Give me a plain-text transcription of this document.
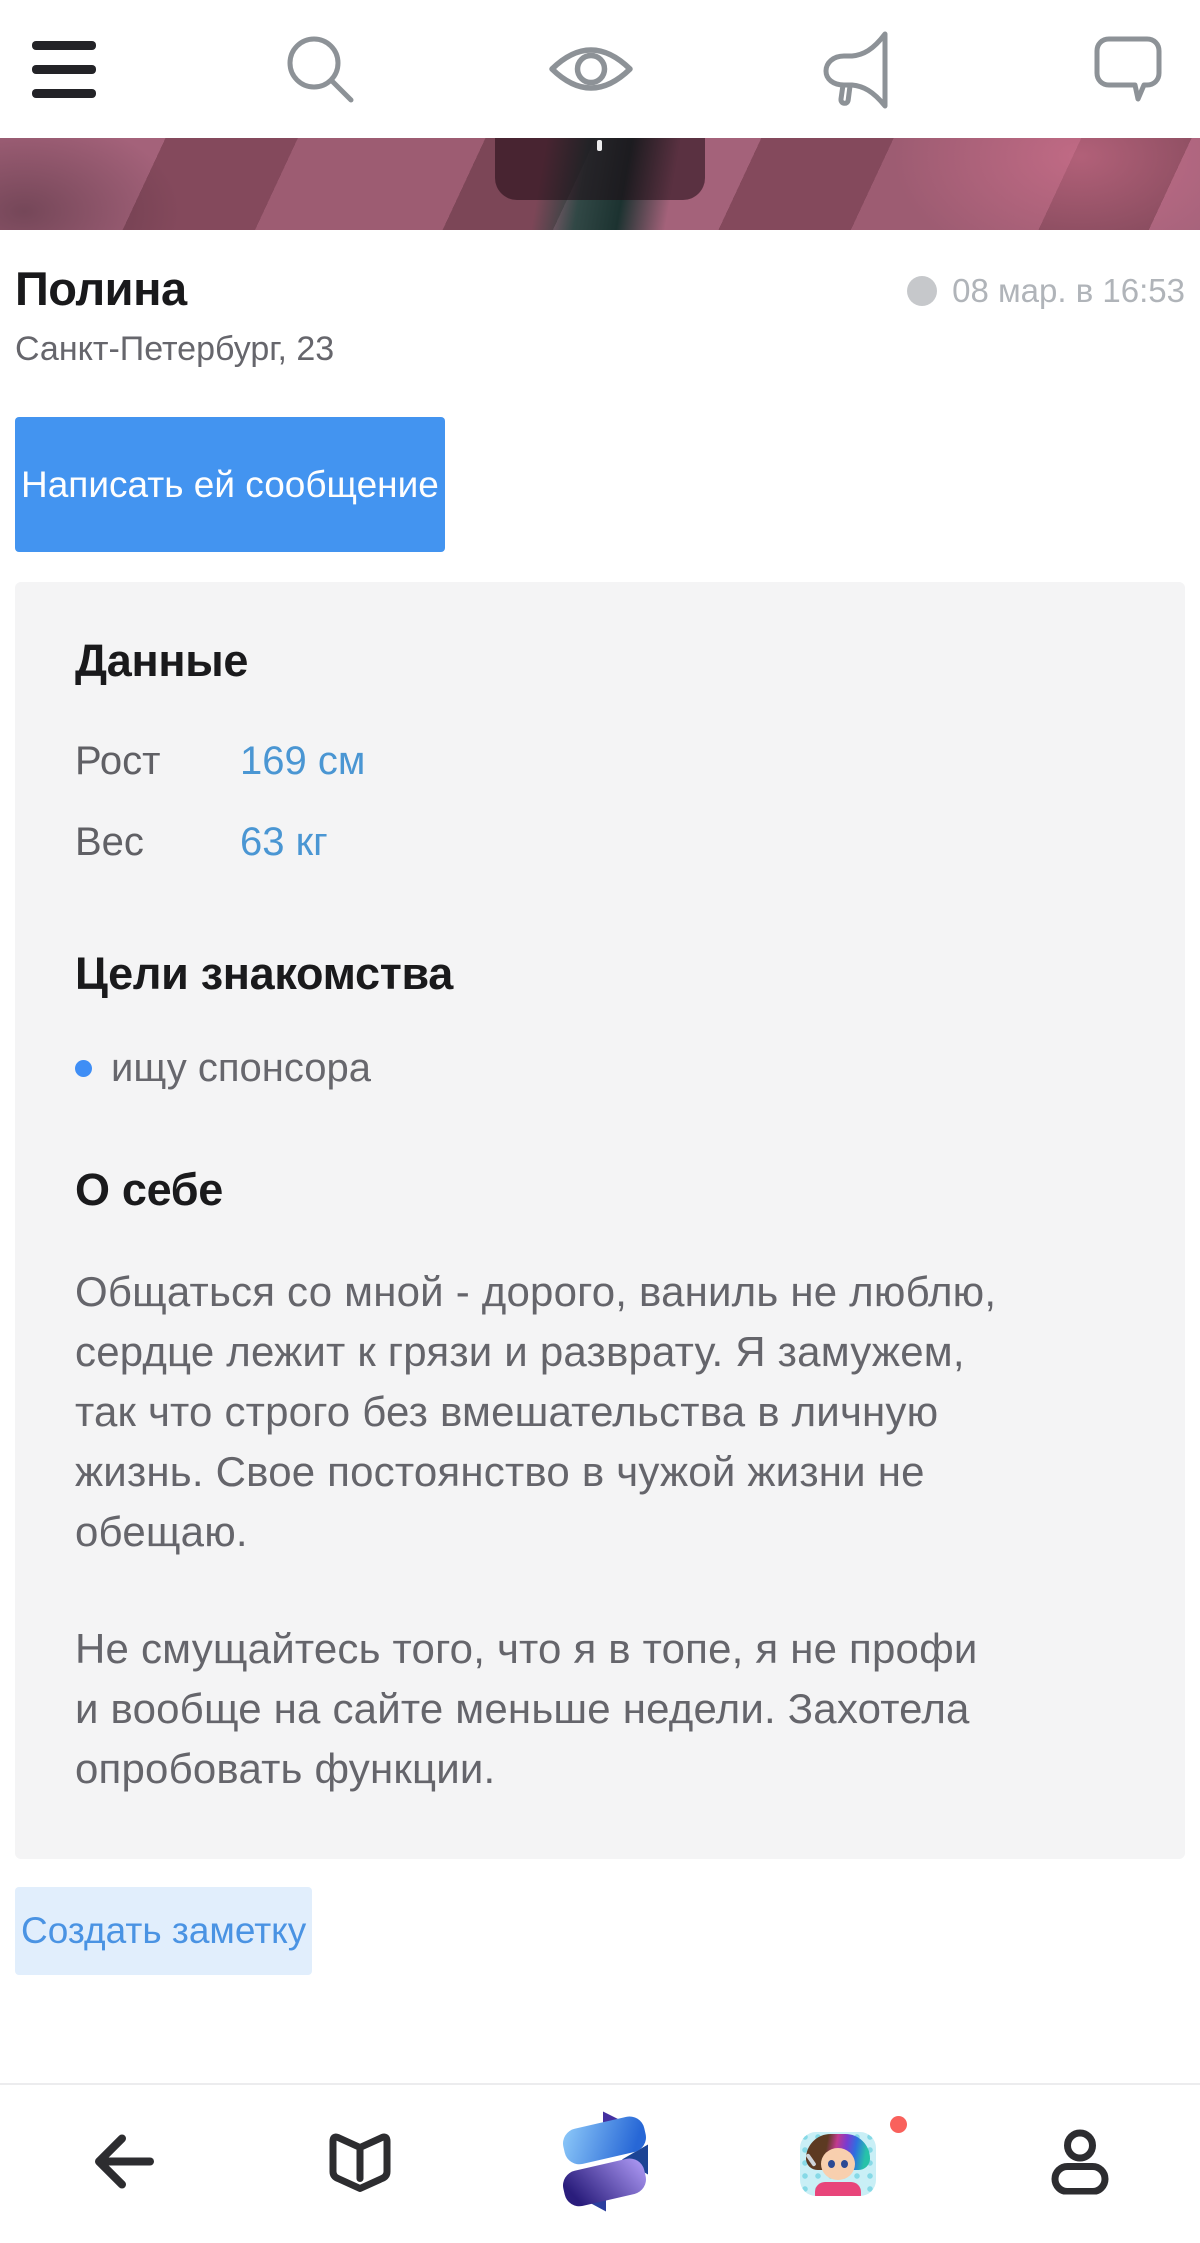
Полина	08 мар. в 16:53
Санкт-Петербург, 23
Написать ей сообщение
Данные
Рост	169 см
Вес	63 кг
Цели знакомства
ищу спонсора
О себе

Общаться со мной - дорого, ваниль не люблю, сердце лежит к грязи и разврату. Я замужем, так что строго без вмешательства в личную жизнь. Свое постоянство в чужой жизни не обещаю.

Не смущайтесь того, что я в топе, я не профи и вообще на сайте меньше недели. Захотела опробовать функции.

Создать заметку
